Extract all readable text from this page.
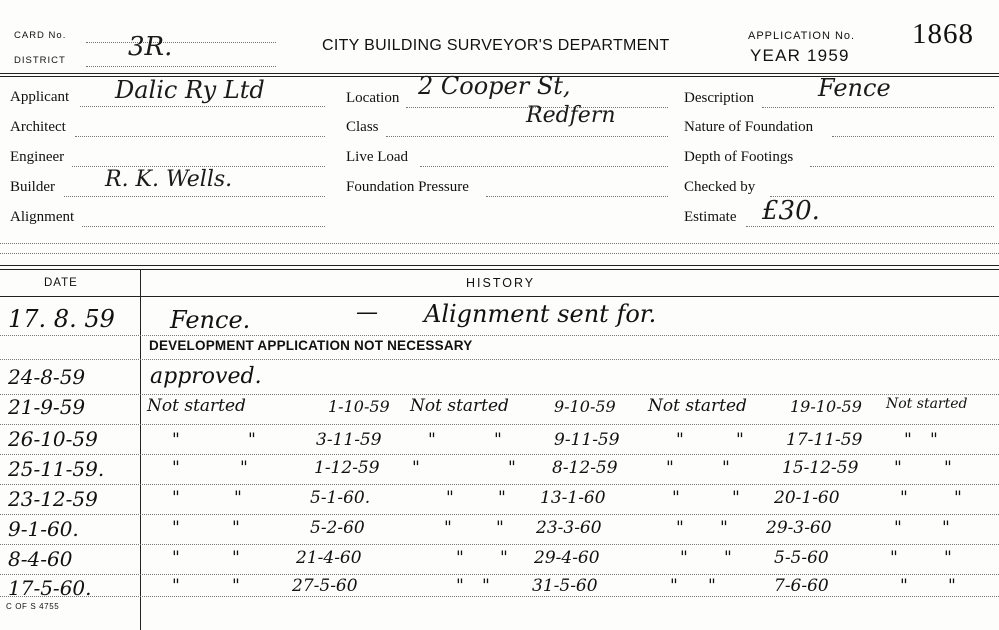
CARD No.
DISTRICT 3R.	CITY BUILDING SURVEYOR'S DEPARTMENT
APPLICATION No.
YEAR 1959
1868
Applicant Dalic Ry Ltd
Architect
Engineer
Builder R. K. Wells.
Alignment
Location 2 Cooper St,
Class	Redfern
Live Load
Foundation Pressure
Description	Fence
Nature of Foundation
Depth of Footings
Checked by
Estimate £30.
DATE	HISTORY
17. 8. 59 Fence.	— Alignment sent for.
DEVELOPMENT APPLICATION NOT NECESSARY
24-8-59	approved.
21-9-59	Not started	1-10-59 Not started	9-10-59 Not started	19-10-59 Not started
26-10-59	"	"	3-11-59	"	"	9-11-59	"	" 17-11-59 " "
25-11-59.	"	"	1-12-59 "	" 8-12-59	"	"	15-12-59 " "
23-12-59	"	"	5-1-60.	"	" 13-1-60	"	" 20-1-60	"	"
9-1-60.	"	"	5-2-60	"	" 23-3-60	" " 29-3-60	" "
8-4-60	"	"	21-4-60	" " 29-4-60	" " 5-5-60	"	"
17-5-60.	"	"	27-5-60	" " 31-5-60	" "	7-6-60	" "
C OF S 4755
